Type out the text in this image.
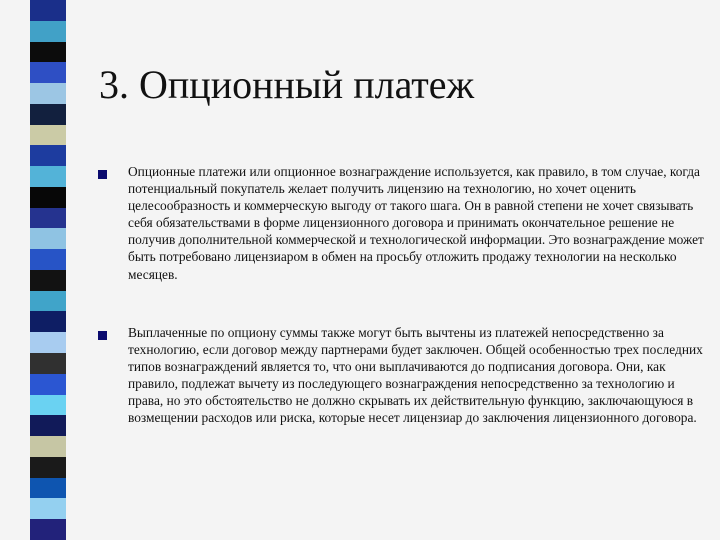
3. Опционный платеж

Опционные платежи или опционное вознаграждение используется, как правило, в том случае, когда потенциальный покупатель желает получить лицензию на технологию, но хочет оценить целесообразность и коммерческую выгоду от такого шага. Он в равной степени не хочет связывать себя обязательствами в форме лицензионного договора и принимать окончательное решение не получив дополнительной коммерческой и технологической информации. Это вознаграждение может быть потребовано лицензиаром в обмен на просьбу отложить продажу технологии на несколько месяцев.

Выплаченные по опциону суммы также могут быть вычтены из платежей непосредственно за технологию, если договор между партнерами будет заключен. Общей особенностью трех последних типов вознаграждений является то, что они выплачиваются до подписания договора. Они, как правило, подлежат вычету из последующего вознаграждения непосредственно за технологию и права, но это обстоятельство не должно скрывать их действительную функцию, заключающуюся в возмещении расходов или риска, которые несет лицензиар до заключения лицензионного договора.
